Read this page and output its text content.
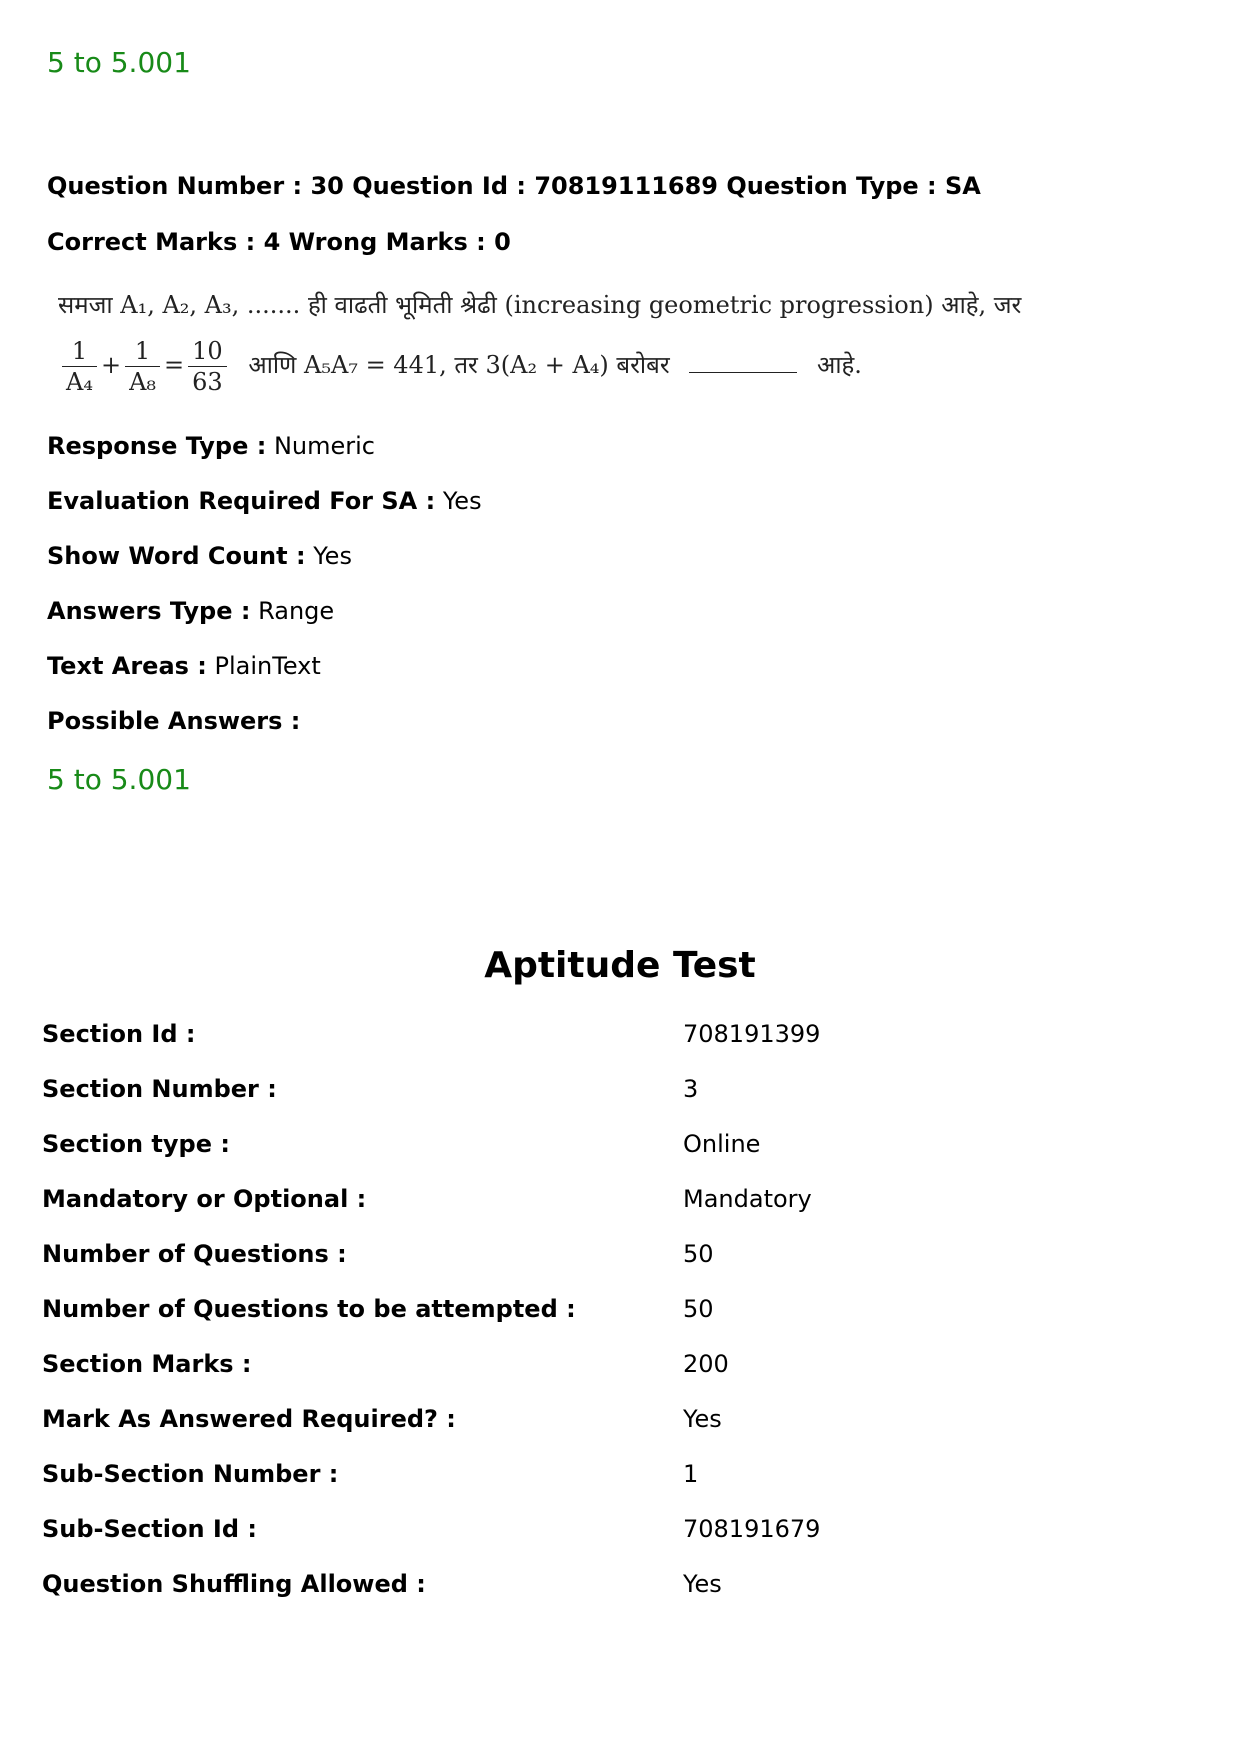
5 to 5.001
Question Number : 30 Question Id : 70819111689 Question Type : SA
Correct Marks : 4 Wrong Marks : 0
समजा A₁, A₂, A₃, ....... ही वाढती भूमिती श्रेढी (increasing geometric progression) आहे, जर
$\frac{1}{\text{A₄}} + \frac{1}{\text{A₈}} = \frac{10}{63}$ आणि A₅A₇ = 441, तर 3(A₂ + A₄) बरोबर	आहे.
Response Type : Numeric
Evaluation Required For SA : Yes
Show Word Count : Yes
Answers Type : Range
Text Areas : PlainText
Possible Answers :
5 to 5.001
Aptitude Test
Section Id :	708191399
Section Number :	3
Section type :	Online
Mandatory or Optional :	Mandatory
Number of Questions :	50
Number of Questions to be attempted :	50
Section Marks :	200
Mark As Answered Required? :	Yes
Sub-Section Number :	1
Sub-Section Id :	708191679
Question Shuffling Allowed :	Yes
